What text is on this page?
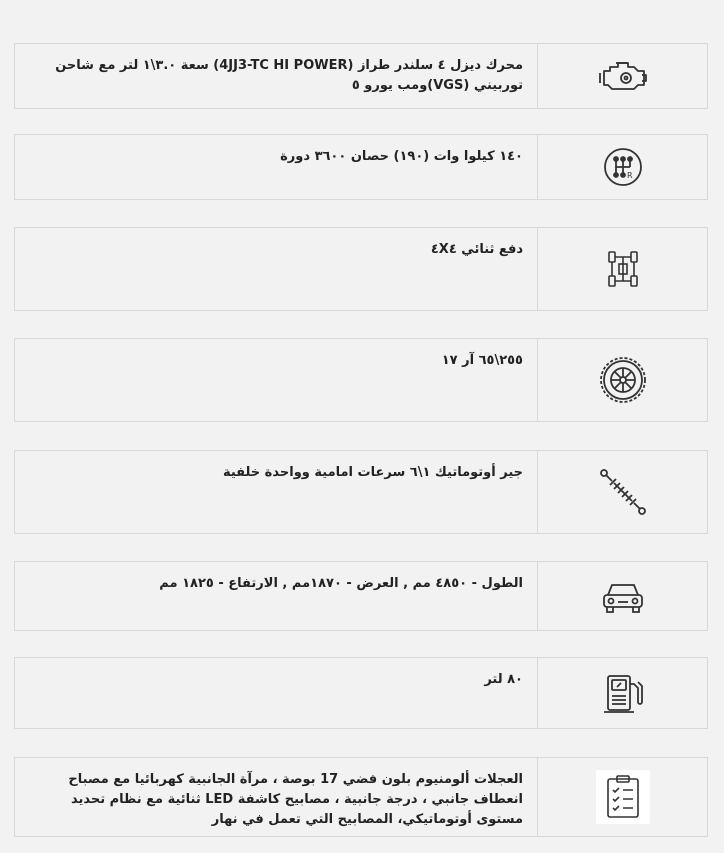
محرك ديزل ٤ سلندر طراز (4JJ3-TC HI POWER) سعة ٣.٠\١ لتر مع شاحن توربيني (VGS)ومب يورو ٥
١٤٠ كيلوا وات (١٩٠) حصان ٣٦٠٠ دورة
R
دفع ثنائي ٤X٤
٢٥٥\٦٥ آر ١٧
جير أوتوماتيك ١\٦ سرعات امامية وواحدة خلفية
الطول - ٤٨٥٠ مم , العرض - ١٨٧٠مم , الارتفاع - ١٨٢٥ مم
٨٠ لتر
العجلات ألومنيوم بلون فضي 17 بوصة ، مرآة الجانبية كهربائيا مع مصباح انعطاف جانبي ، درجة جانبية ، مصابيح كاشفة LED ثنائية مع نظام تحديد مستوى أوتوماتيكي، المصابيح التي تعمل في نهار
